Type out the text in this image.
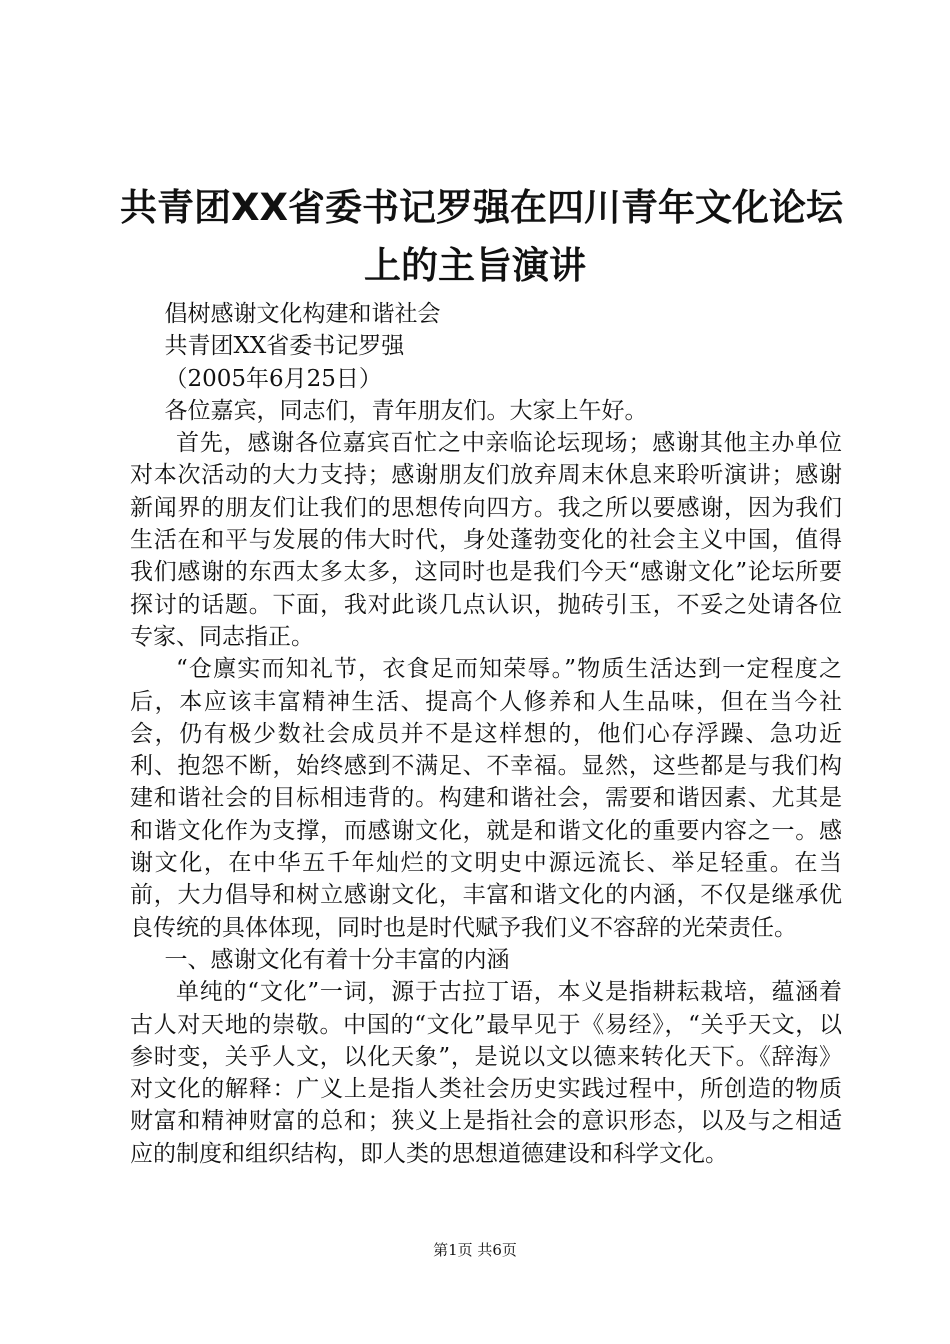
共青团XX省委书记罗强在四川青年文化论坛
上的主旨演讲

倡树感谢文化构建和谐社会

共青团XX省委书记罗强

（2005年6月25日）

各位嘉宾，同志们，青年朋友们。大家上午好。

首先，感谢各位嘉宾百忙之中亲临论坛现场；感谢其他主办单位对本次活动的大力支持；感谢朋友们放弃周末休息来聆听演讲；感谢新闻界的朋友们让我们的思想传向四方。我之所以要感谢，因为我们生活在和平与发展的伟大时代，身处蓬勃变化的社会主义中国，值得我们感谢的东西太多太多，这同时也是我们今天“感谢文化”论坛所要探讨的话题。下面，我对此谈几点认识，抛砖引玉，不妥之处请各位专家、同志指正。

“仓廪实而知礼节，衣食足而知荣辱。”物质生活达到一定程度之后，本应该丰富精神生活、提高个人修养和人生品味，但在当今社会，仍有极少数社会成员并不是这样想的，他们心存浮躁、急功近利、抱怨不断，始终感到不满足、不幸福。显然，这些都是与我们构建和谐社会的目标相违背的。构建和谐社会，需要和谐因素、尤其是和谐文化作为支撑，而感谢文化，就是和谐文化的重要内容之一。感谢文化，在中华五千年灿烂的文明史中源远流长、举足轻重。在当前，大力倡导和树立感谢文化，丰富和谐文化的内涵，不仅是继承优良传统的具体体现，同时也是时代赋予我们义不容辞的光荣责任。

一、感谢文化有着十分丰富的内涵

单纯的“文化”一词，源于古拉丁语，本义是指耕耘栽培，蕴涵着古人对天地的崇敬。中国的“文化”最早见于《易经》，“关乎天文，以参时变，关乎人文，以化天象”，是说以文以德来转化天下。《辞海》对文化的解释：广义上是指人类社会历史实践过程中，所创造的物质财富和精神财富的总和；狭义上是指社会的意识形态，以及与之相适应的制度和组织结构，即人类的思想道德建设和科学文化。

第1页 共6页
